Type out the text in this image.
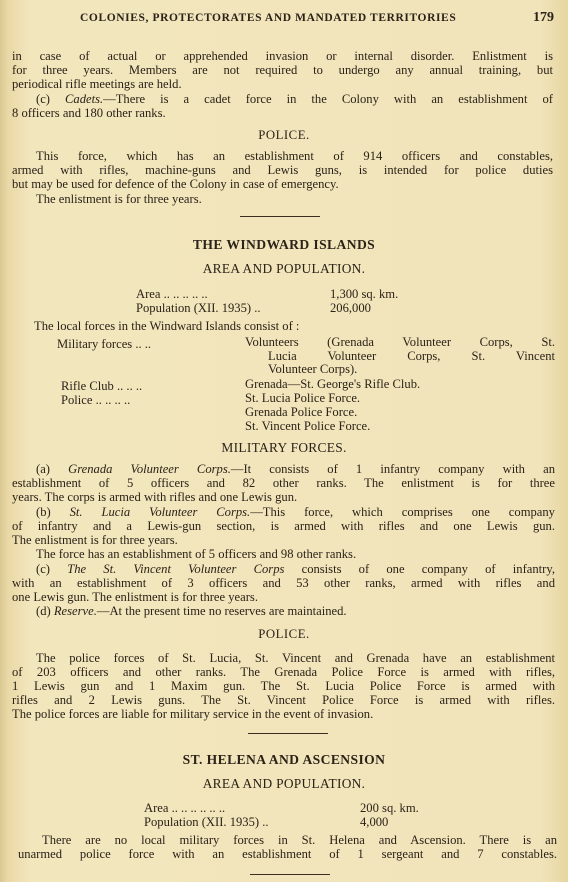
COLONIES, PROTECTORATES AND MANDATED TERRITORIES	179
in case of actual or apprehended invasion or internal disorder. Enlistment is
for three years. Members are not required to undergo any annual training, but
periodical rifle meetings are held.
(c) Cadets.—There is a cadet force in the Colony with an establishment of
8 officers and 180 other ranks.
POLICE.
This force, which has an establishment of 914 officers and constables,
armed with rifles, machine-guns and Lewis guns, is intended for police duties
but may be used for defence of the Colony in case of emergency.
The enlistment is for three years.
THE WINDWARD ISLANDS
AREA AND POPULATION.
Area .. .. .. .. ..	1,300 sq. km.
Population (XII. 1935) ..	206,000
The local forces in the Windward Islands consist of :
Military forces .. ..	Volunteers (Grenada Volunteer Corps, St.
Lucia Volunteer Corps, St. Vincent
Volunteer Corps).
Rifle Club .. .. ..	Grenada—St. George's Rifle Club.
Police .. .. .. ..	St. Lucia Police Force.
Grenada Police Force.
St. Vincent Police Force.
MILITARY FORCES.
(a) Grenada Volunteer Corps.—It consists of 1 infantry company with an
establishment of 5 officers and 82 other ranks. The enlistment is for three
years. The corps is armed with rifles and one Lewis gun.
(b) St. Lucia Volunteer Corps.—This force, which comprises one company
of infantry and a Lewis-gun section, is armed with rifles and one Lewis gun.
The enlistment is for three years.
The force has an establishment of 5 officers and 98 other ranks.
(c) The St. Vincent Volunteer Corps consists of one company of infantry,
with an establishment of 3 officers and 53 other ranks, armed with rifles and
one Lewis gun. The enlistment is for three years.
(d) Reserve.—At the present time no reserves are maintained.
POLICE.
The police forces of St. Lucia, St. Vincent and Grenada have an establishment
of 203 officers and other ranks. The Grenada Police Force is armed with rifles,
1 Lewis gun and 1 Maxim gun. The St. Lucia Police Force is armed with
rifles and 2 Lewis guns. The St. Vincent Police Force is armed with rifles.
The police forces are liable for military service in the event of invasion.
ST. HELENA AND ASCENSION
AREA AND POPULATION.
Area .. .. .. .. .. ..	200 sq. km.
Population (XII. 1935) ..	4,000
There are no local military forces in St. Helena and Ascension. There is an
unarmed police force with an establishment of 1 sergeant and 7 constables.
